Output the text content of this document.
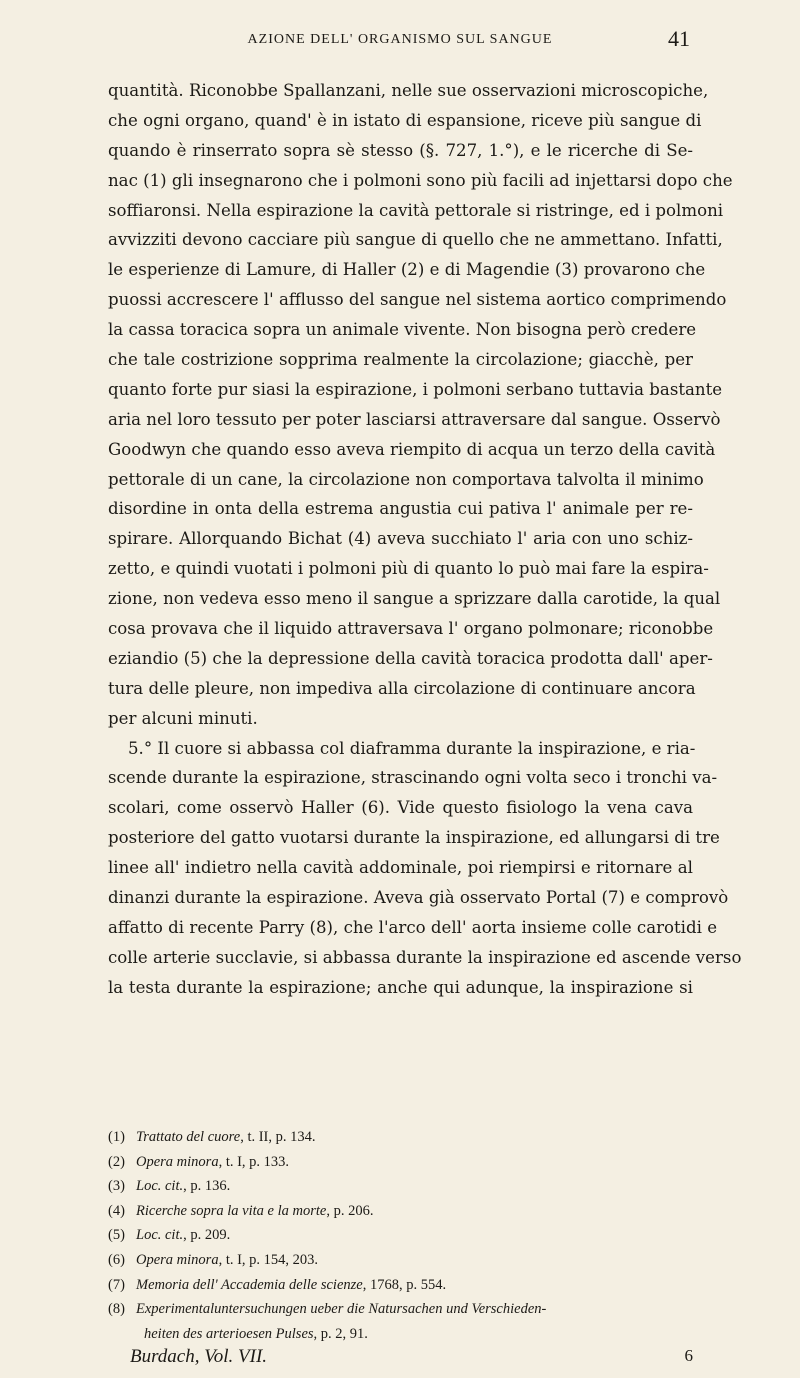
AZIONE DELL' ORGANISMO SUL SANGUE	41
quantità. Riconobbe Spallanzani, nelle sue osservazioni microscopiche,
che ogni organo, quand' è in istato di espansione, riceve più sangue di
quando è rinserrato sopra sè stesso (§. 727, 1.°), e le ricerche di Se-
nac (1) gli insegnarono che i polmoni sono più facili ad injettarsi dopo che
soffiaronsi. Nella espirazione la cavità pettorale si ristringe, ed i polmoni
avvizziti devono cacciare più sangue di quello che ne ammettano. Infatti,
le esperienze di Lamure, di Haller (2) e di Magendie (3) provarono che
puossi accrescere l' afflusso del sangue nel sistema aortico comprimendo
la cassa toracica sopra un animale vivente. Non bisogna però credere
che tale costrizione sopprima realmente la circolazione; giacchè, per
quanto forte pur siasi la espirazione, i polmoni serbano tuttavia bastante
aria nel loro tessuto per poter lasciarsi attraversare dal sangue. Osservò
Goodwyn che quando esso aveva riempito di acqua un terzo della cavità
pettorale di un cane, la circolazione non comportava talvolta il minimo
disordine in onta della estrema angustia cui pativa l' animale per re-
spirare. Allorquando Bichat (4) aveva succhiato l' aria con uno schiz-
zetto, e quindi vuotati i polmoni più di quanto lo può mai fare la espira-
zione, non vedeva esso meno il sangue a sprizzare dalla carotide, la qual
cosa provava che il liquido attraversava l' organo polmonare; riconobbe
eziandio (5) che la depressione della cavità toracica prodotta dall' aper-
tura delle pleure, non impediva alla circolazione di continuare ancora
per alcuni minuti.
5.° Il cuore si abbassa col diaframma durante la inspirazione, e ria-
scende durante la espirazione, strascinando ogni volta seco i tronchi va-
scolari, come osservò Haller (6). Vide questo fisiologo la vena cava
posteriore del gatto vuotarsi durante la inspirazione, ed allungarsi di tre
linee all' indietro nella cavità addominale, poi riempirsi e ritornare al
dinanzi durante la espirazione. Aveva già osservato Portal (7) e comprovò
affatto di recente Parry (8), che l'arco dell' aorta insieme colle carotidi e
colle arterie succlavie, si abbassa durante la inspirazione ed ascende verso
la testa durante la espirazione; anche qui adunque, la inspirazione si
(1) Trattato del cuore, t. II, p. 134.
(2) Opera minora, t. I, p. 133.
(3) Loc. cit., p. 136.
(4) Ricerche sopra la vita e la morte, p. 206.
(5) Loc. cit., p. 209.
(6) Opera minora, t. I, p. 154, 203.
(7) Memoria dell' Accademia delle scienze, 1768, p. 554.
(8) Experimentaluntersuchungen ueber die Natursachen und Verschieden-
heiten des arterioesen Pulses, p. 2, 91.
Burdach, Vol. VII.	6
